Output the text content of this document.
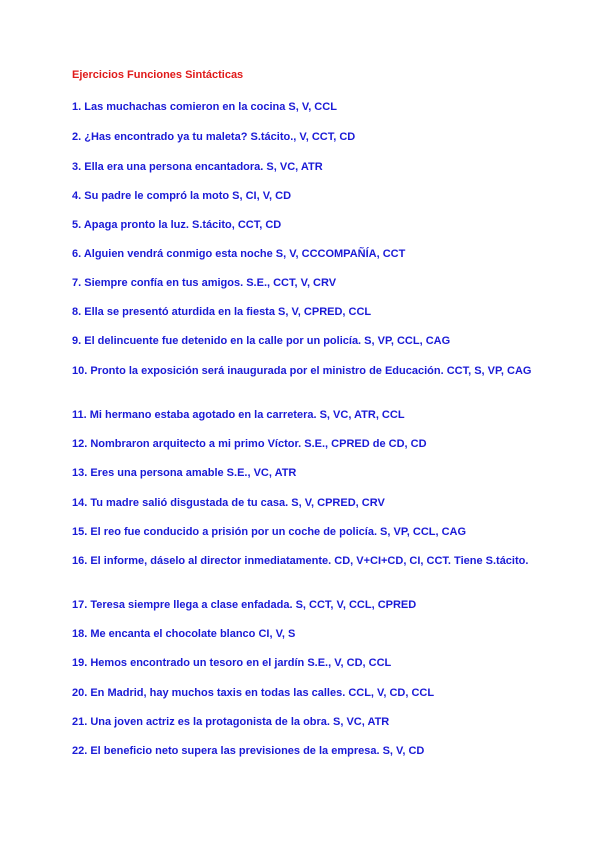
Ejercicios Funciones Sintácticas
1. Las muchachas comieron en la cocina S, V, CCL
2. ¿Has encontrado ya tu maleta? S.tácito., V, CCT, CD
3. Ella era una persona encantadora. S, VC, ATR
4. Su padre le compró la moto S, CI, V, CD
5. Apaga pronto la luz. S.tácito, CCT, CD
6. Alguien vendrá conmigo esta noche S, V, CCCOMPAÑÍA, CCT
7. Siempre confía en tus amigos. S.E., CCT, V, CRV
8. Ella se presentó aturdida en la fiesta S, V, CPRED, CCL
9. El delincuente fue detenido en la calle por un policía. S, VP, CCL, CAG
10. Pronto la exposición será inaugurada por el ministro de Educación. CCT, S, VP, CAG
11. Mi hermano estaba agotado en la carretera. S, VC, ATR, CCL
12. Nombraron arquitecto a mi primo Víctor. S.E., CPRED de CD, CD
13. Eres una persona amable S.E., VC, ATR
14. Tu madre salió disgustada de tu casa. S, V, CPRED, CRV
15. El reo fue conducido a prisión por un coche de policía. S, VP, CCL, CAG
16. El informe, dáselo al director inmediatamente. CD, V+CI+CD, CI, CCT. Tiene S.tácito.
17. Teresa siempre llega a clase enfadada. S, CCT, V, CCL, CPRED
18. Me encanta el chocolate blanco CI, V, S
19. Hemos encontrado un tesoro en el jardín S.E., V, CD, CCL
20. En Madrid, hay muchos taxis en todas las calles. CCL, V, CD, CCL
21. Una joven actriz es la protagonista de la obra. S, VC, ATR
22. El beneficio neto supera las previsiones de la empresa. S, V, CD
